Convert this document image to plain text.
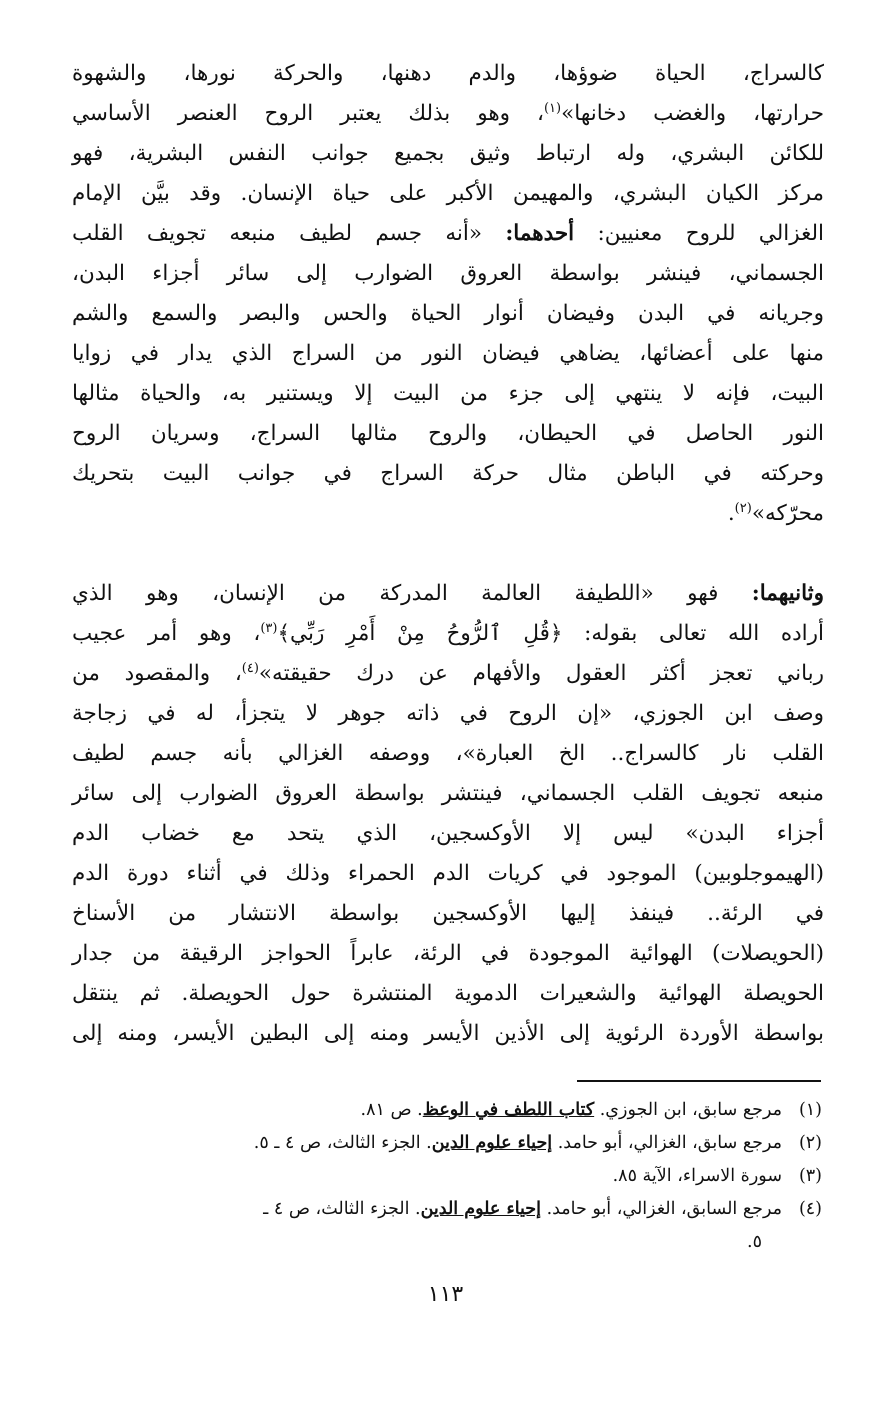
كالسراج، الحياة ضوؤها، والدم دهنها، والحركة نورها، والشهوة
حرارتها، والغضب دخانها»$^{(١)}$، وهو بذلك يعتبر الروح العنصر الأساسي
للكائن البشري، وله ارتباط وثيق بجميع جوانب النفس البشرية، فهو
مركز الكيان البشري، والمهيمن الأكبر على حياة الإنسان. وقد بيَّن الإمام
الغزالي للروح معنيين: أحدهما: «أنه جسم لطيف منبعه تجويف القلب
الجسماني، فينشر بواسطة العروق الضوارب إلى سائر أجزاء البدن،
وجريانه في البدن وفيضان أنوار الحياة والحس والبصر والسمع والشم
منها على أعضائها، يضاهي فيضان النور من السراج الذي يدار في زوايا
البيت، فإنه لا ينتهي إلى جزء من البيت إلا ويستنير به، والحياة مثالها
النور الحاصل في الحيطان، والروح مثالها السراج، وسريان الروح
وحركته في الباطن مثال حركة السراج في جوانب البيت بتحريك
محرّكه»$^{(٢)}$.

وثانيهما: فهو «اللطيفة العالمة المدركة من الإنسان، وهو الذي
أراده الله تعالى بقوله: ﴿قُلِ ٱلرُّوحُ مِنْ أَمْرِ رَبِّي﴾$^{(٣)}$، وهو أمر عجيب
رباني تعجز أكثر العقول والأفهام عن درك حقيقته»$^{(٤)}$، والمقصود من
وصف ابن الجوزي، «إن الروح في ذاته جوهر لا يتجزأ، له في زجاجة
القلب نار كالسراج.. الخ العبارة»، ووصفه الغزالي بأنه جسم لطيف
منبعه تجويف القلب الجسماني، فينتشر بواسطة العروق الضوارب إلى سائر
أجزاء البدن» ليس إلا الأوكسجين، الذي يتحد مع خضاب الدم
(الهيموجلوبين) الموجود في كريات الدم الحمراء وذلك في أثناء دورة الدم
في الرئة.. فينفذ إليها الأوكسجين بواسطة الانتشار من الأسناخ
(الحويصلات) الهوائية الموجودة في الرئة، عابراً الحواجز الرقيقة من جدار
الحويصلة الهوائية والشعيرات الدموية المنتشرة حول الحويصلة. ثم ينتقل
بواسطة الأوردة الرئوية إلى الأذين الأيسر ومنه إلى البطين الأيسر، ومنه إلى

(١)مرجع سابق، ابن الجوزي. كتاب اللطف في الوعظ. ص ٨١.

(٢)مرجع سابق، الغزالي، أبو حامد. إحياء علوم الدين. الجزء الثالث، ص ٤ ـ ٥.

(٣)سورة الاسراء، الآية ٨٥.

(٤)مرجع السابق، الغزالي، أبو حامد. إحياء علوم الدين. الجزء الثالث، ص ٤ ـ

٥.

١١٣
